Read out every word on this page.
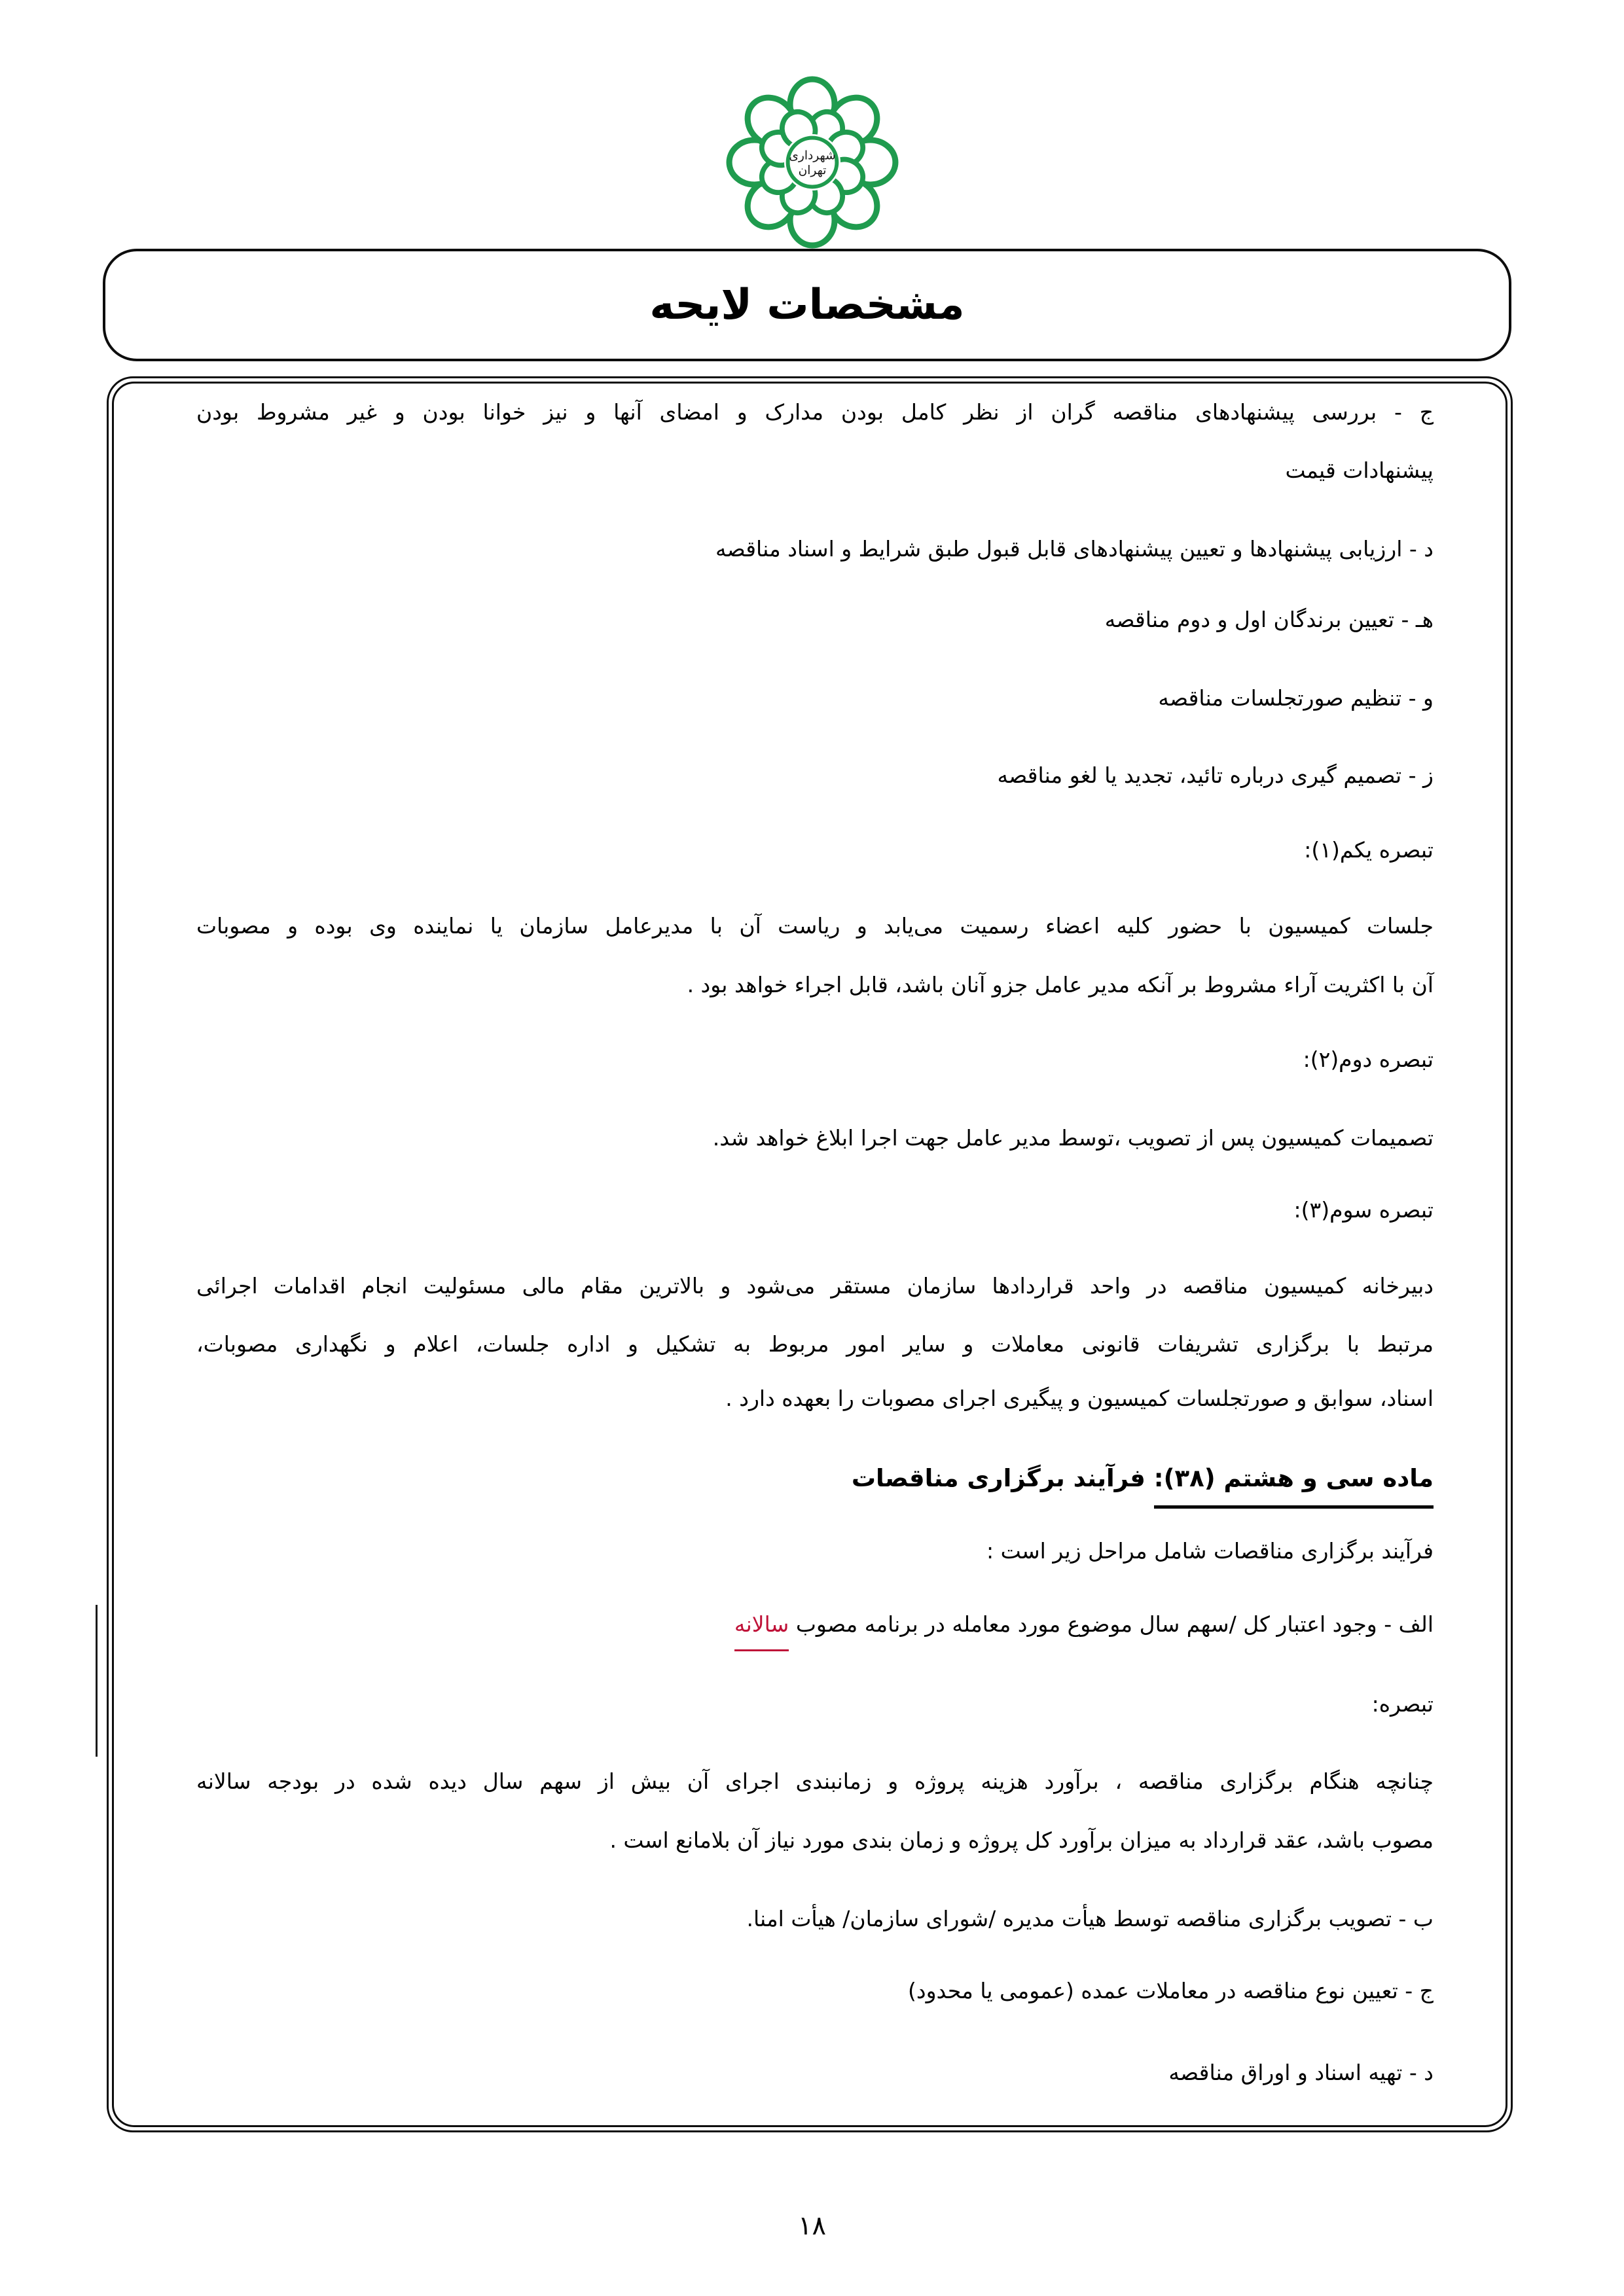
شهرداری
تهران
مشخصات لایحه
ج - بررسی پیشنهادهای مناقصه گران از نظر کامل بودن مدارک و امضای آنها و نیز خوانا بودن و غیر مشروط بودن
پیشنهادات قیمت
د - ارزیابی پیشنهادها و تعیین پیشنهادهای قابل قبول طبق شرایط و اسناد مناقصه
هـ - تعیین برندگان اول و دوم مناقصه
و - تنظیم صورتجلسات مناقصه
ز - تصمیم گیری درباره تائید، تجدید یا لغو مناقصه
تبصره یکم(۱):
جلسات کمیسیون با حضور کلیه اعضاء رسمیت می‌یابد و ریاست آن با مدیرعامل سازمان یا نماینده وی بوده و مصوبات
آن با اکثریت آراء مشروط بر آنکه مدیر عامل جزو آنان باشد، قابل اجراء خواهد بود .
تبصره دوم(۲):
تصمیمات کمیسیون پس از تصویب ،توسط مدیر عامل جهت اجرا ابلاغ خواهد شد.
تبصره سوم(۳):
دبیرخانه کمیسیون مناقصه در واحد قراردادها سازمان مستقر می‌شود و بالاترین مقام مالی مسئولیت انجام اقدامات اجرائی
مرتبط با برگزاری تشریفات قانونی معاملات و سایر امور مربوط به تشکیل و اداره جلسات، اعلام و نگهداری مصوبات،
اسناد، سوابق و صورتجلسات کمیسیون و پیگیری اجرای مصوبات را بعهده دارد .
ماده سی و هشتم (۳۸): فرآیند برگزاری مناقصات
فرآیند برگزاری مناقصات شامل مراحل زیر است :
الف - وجود اعتبار کل /سهم سال موضوع مورد معامله در برنامه مصوب سالانه
تبصره:
چنانچه هنگام برگزاری مناقصه ، برآورد هزینه پروژه و زمانبندی اجرای آن بیش از سهم سال دیده شده در بودجه سالانه
مصوب باشد، عقد قرارداد به میزان برآورد کل پروژه و زمان بندی مورد نیاز آن بلامانع است .
ب - تصویب برگزاری مناقصه توسط هیأت مدیره /شورای سازمان/ هیأت امنا.
ج - تعیین نوع مناقصه در معاملات عمده (عمومی یا محدود)
د - تهیه اسناد و اوراق مناقصه
۱۸
